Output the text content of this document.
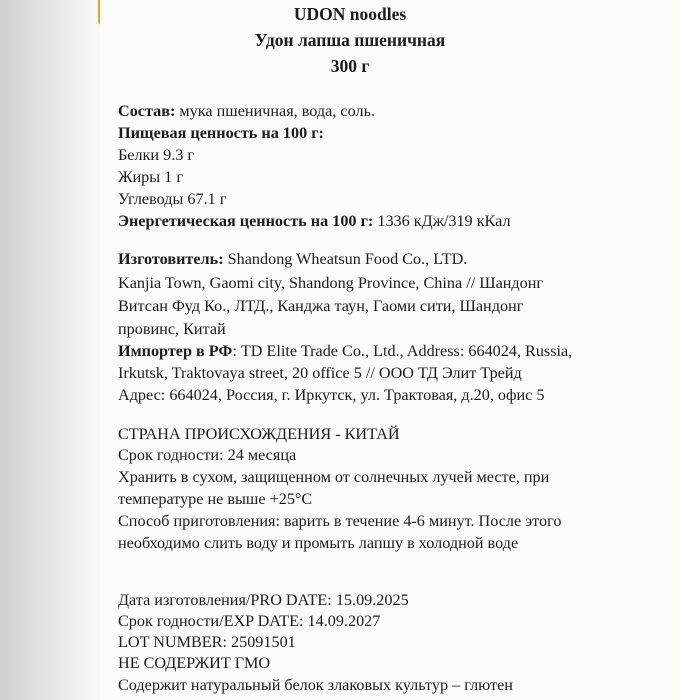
UDON noodles
Удон лапша пшеничная
300 г
Состав: мука пшеничная, вода, соль.
Пищевая ценность на 100 г:
Белки 9.3 г
Жиры 1 г
Углеводы 67.1 г
Энергетическая ценность на 100 г: 1336 кДж/319 кКал
Изготовитель: Shandong Wheatsun Food Co., LTD.
Kanjia Town, Gaomi city, Shandong Province, China // Шандонг
Витсан Фуд Ко., ЛТД., Канджа таун, Гаоми сити, Шандонг
провинс, Китай
Импортер в РФ: TD Elite Trade Co., Ltd., Address: 664024, Russia,
Irkutsk, Traktovaya street, 20 office 5 // ООО ТД Элит Трейд
Адрес: 664024, Россия, г. Иркутск, ул. Трактовая, д.20, офис 5
СТРАНА ПРОИСХОЖДЕНИЯ - КИТАЙ
Срок годности: 24 месяца
Хранить в сухом, защищенном от солнечных лучей месте, при
температуре не выше +25°C
Способ приготовления: варить в течение 4-6 минут. После этого
необходимо слить воду и промыть лапшу в холодной воде
Дата изготовления/PRO DATE: 15.09.2025
Срок годности/EXP DATE: 14.09.2027
LOT NUMBER: 25091501
НЕ СОДЕРЖИТ ГМО
Содержит натуральный белок злаковых культур – глютен
